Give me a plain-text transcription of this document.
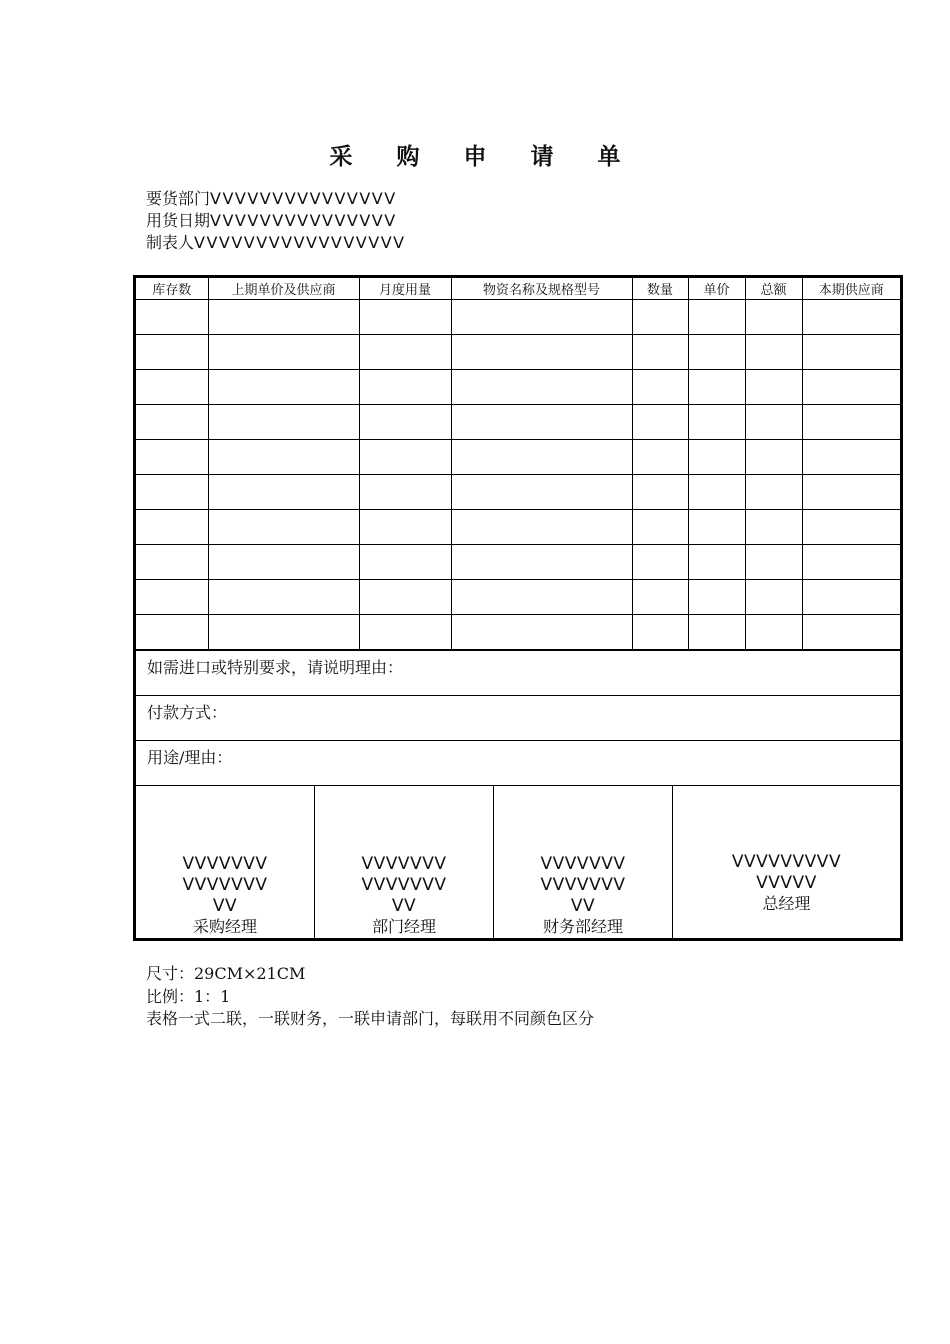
采 购 申 请 单
要货部门ᐯᐯᐯᐯᐯᐯᐯᐯᐯᐯᐯᐯᐯᐯᐯ
用货日期ᐯᐯᐯᐯᐯᐯᐯᐯᐯᐯᐯᐯᐯᐯᐯ
制表人ᐯᐯᐯᐯᐯᐯᐯᐯᐯᐯᐯᐯᐯᐯᐯᐯᐯ
库存数	上期单价及供应商	月度用量	物资名称及规格型号	数量	单价	总额	本期供应商

如需进口或特别要求，请说明理由：
付款方式：
用途/理由：
ᐯᐯᐯᐯᐯᐯᐯ
ᐯᐯᐯᐯᐯᐯᐯ
ᐯᐯ
采购经理
ᐯᐯᐯᐯᐯᐯᐯ
ᐯᐯᐯᐯᐯᐯᐯ
ᐯᐯ
部门经理
ᐯᐯᐯᐯᐯᐯᐯ
ᐯᐯᐯᐯᐯᐯᐯ
ᐯᐯ
财务部经理
ᐯᐯᐯᐯᐯᐯᐯᐯᐯ
ᐯᐯᐯᐯᐯ
总经理
尺寸：29CM×21CM
比例：1：1
表格一式二联，一联财务，一联申请部门，每联用不同颜色区分
